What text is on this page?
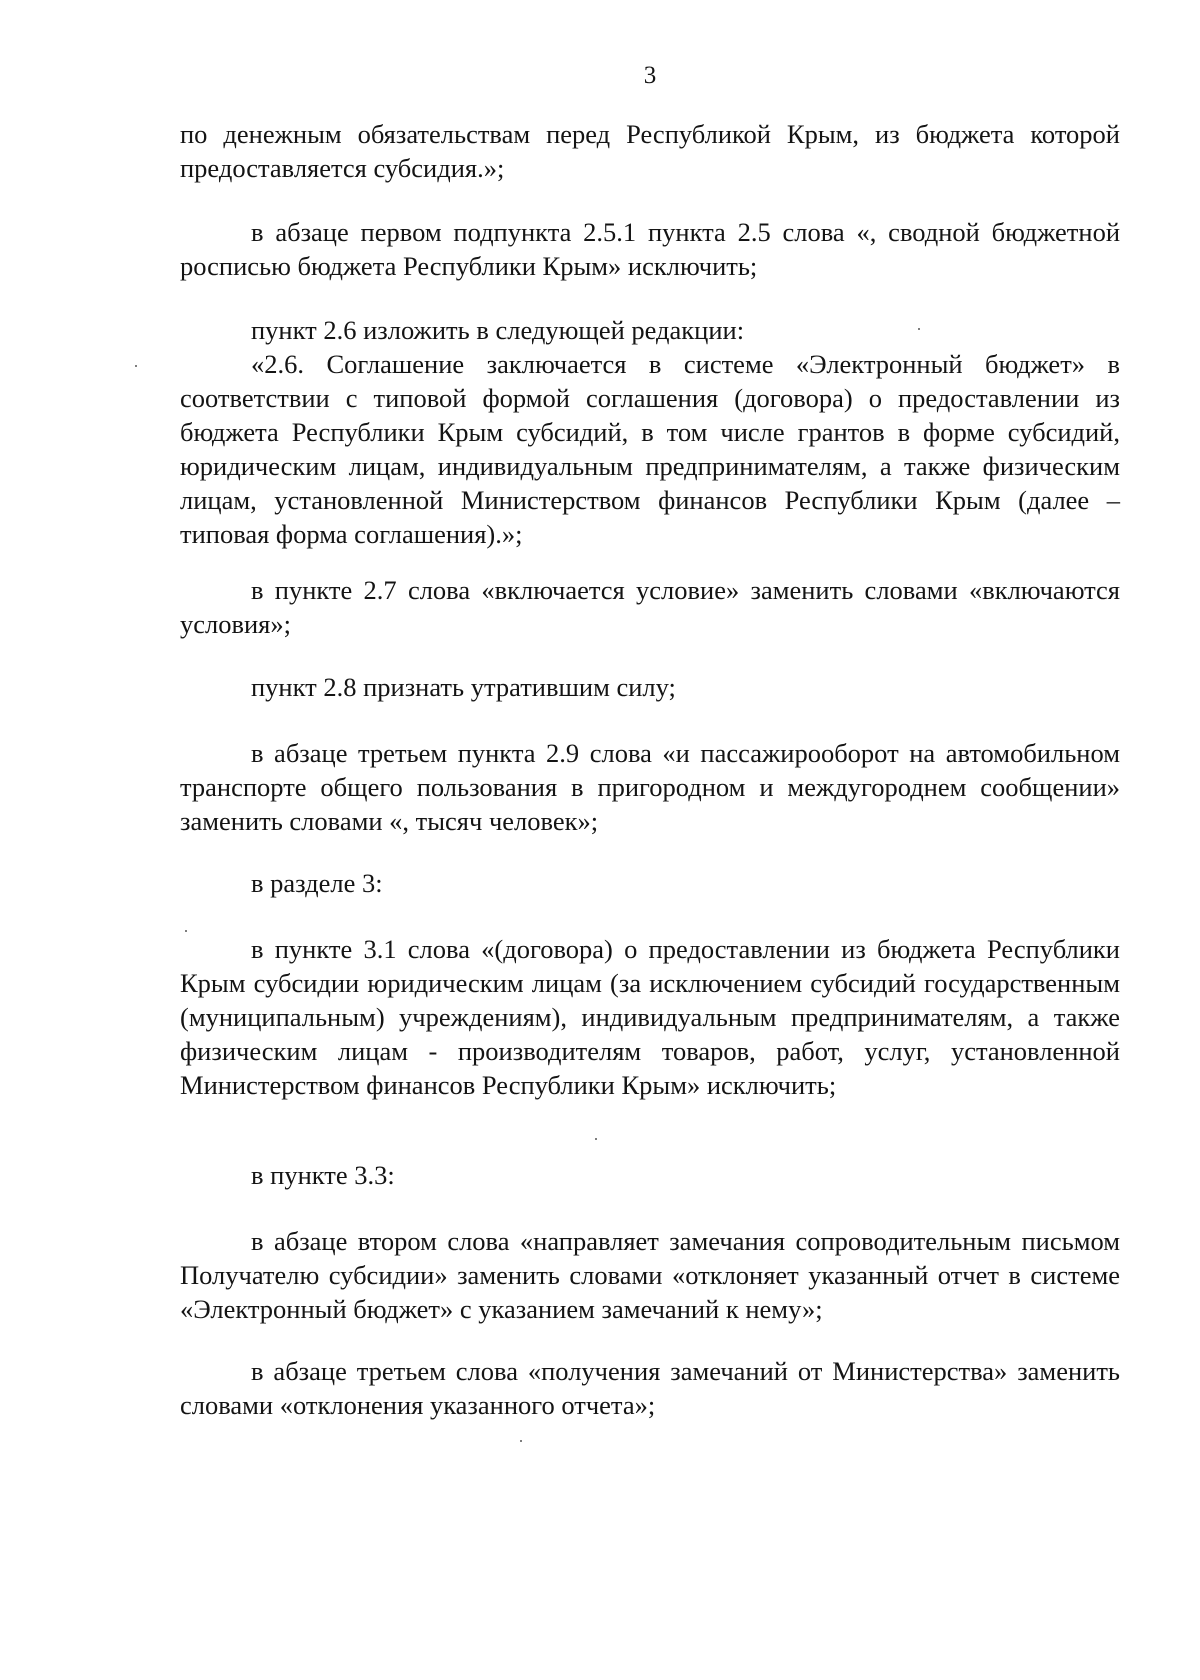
3
по денежным обязательствам перед Республикой Крым, из бюджета которой предоставляется субсидия.»;
в абзаце первом подпункта 2.5.1 пункта 2.5 слова «, сводной бюджетной росписью бюджета Республики Крым» исключить;
пункт 2.6 изложить в следующей редакции:
«2.6. Соглашение заключается в системе «Электронный бюджет» в соответствии с типовой формой соглашения (договора) о предоставлении из бюджета Республики Крым субсидий, в том числе грантов в форме субсидий, юридическим лицам, индивидуальным предпринимателям, а также физическим лицам, установленной Министерством финансов Республики Крым (далее – типовая форма соглашения).»;
в пункте 2.7 слова «включается условие» заменить словами «включаются условия»;
пункт 2.8 признать утратившим силу;
в абзаце третьем пункта 2.9 слова «и пассажирооборот на автомобильном транспорте общего пользования в пригородном и междугороднем сообщении» заменить словами «, тысяч человек»;
в разделе 3:
в пункте 3.1 слова «(договора) о предоставлении из бюджета Республики Крым субсидии юридическим лицам (за исключением субсидий государственным (муниципальным) учреждениям), индивидуальным предпринимателям, а также физическим лицам - производителям товаров, работ, услуг, установленной Министерством финансов Республики Крым» исключить;
в пункте 3.3:
в абзаце втором слова «направляет замечания сопроводительным письмом Получателю субсидии» заменить словами «отклоняет указанный отчет в системе «Электронный бюджет» с указанием замечаний к нему»;
в абзаце третьем слова «получения замечаний от Министерства» заменить словами «отклонения указанного отчета»;
